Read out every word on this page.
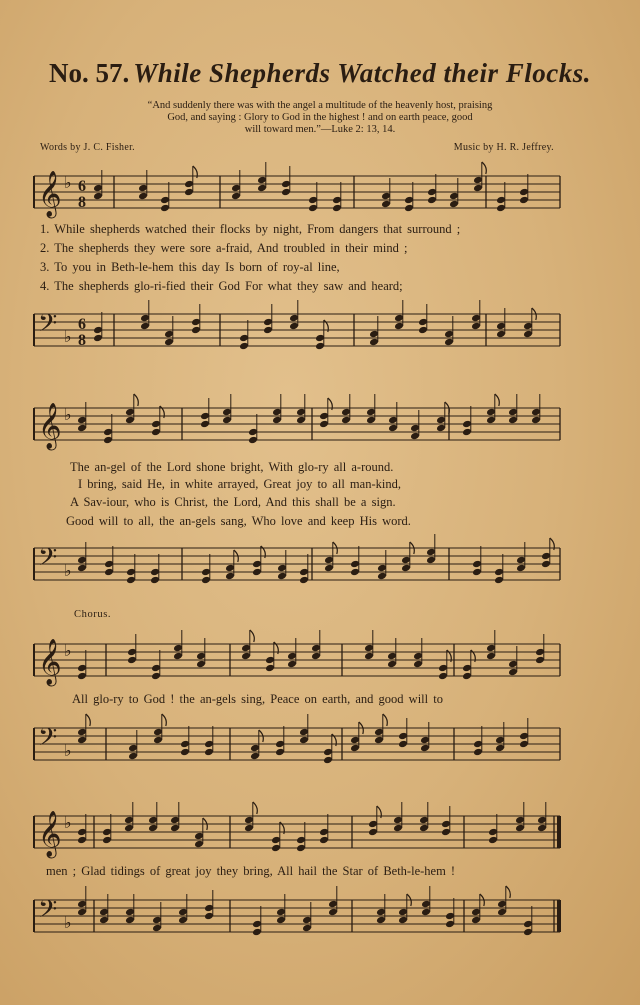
No. 57. While Shepherds Watched their Flocks.
“And suddenly there was with the angel a multitude of the heavenly host, praising
God, and saying : Glory to God in the highest ! and on earth peace, good
will toward men.”—Luke 2: 13, 14.
Words by J. C. Fisher.	Music by H. R. Jeffrey.
𝄞 ♭ 6
8
1. While shepherds watched their flocks by night, From dangers that surround ;
2. The shepherds they were sore a-fraid, And troubled in their mind ;
3. To you in Beth-le-hem this day Is born of roy-al line,
4. The shepherds glo-ri-fied their God For what they saw and heard;
𝄢 ♭
6
8
𝄞 ♭
The an-gel of the Lord shone bright, With glo-ry all a-round.
I bring, said He, in white arrayed, Great joy to all man-kind,
A Sav-iour, who is Christ, the Lord, And this shall be a sign.
Good will to all, the an-gels sang, Who love and keep His word.
𝄢 ♭
Chorus.
𝄞 ♭
All glo-ry to God ! the an-gels sing, Peace on earth, and good will to
𝄢 ♭
𝄞 ♭
men ; Glad tidings of great joy they bring, All hail the Star of Beth-le-hem !
𝄢 ♭
